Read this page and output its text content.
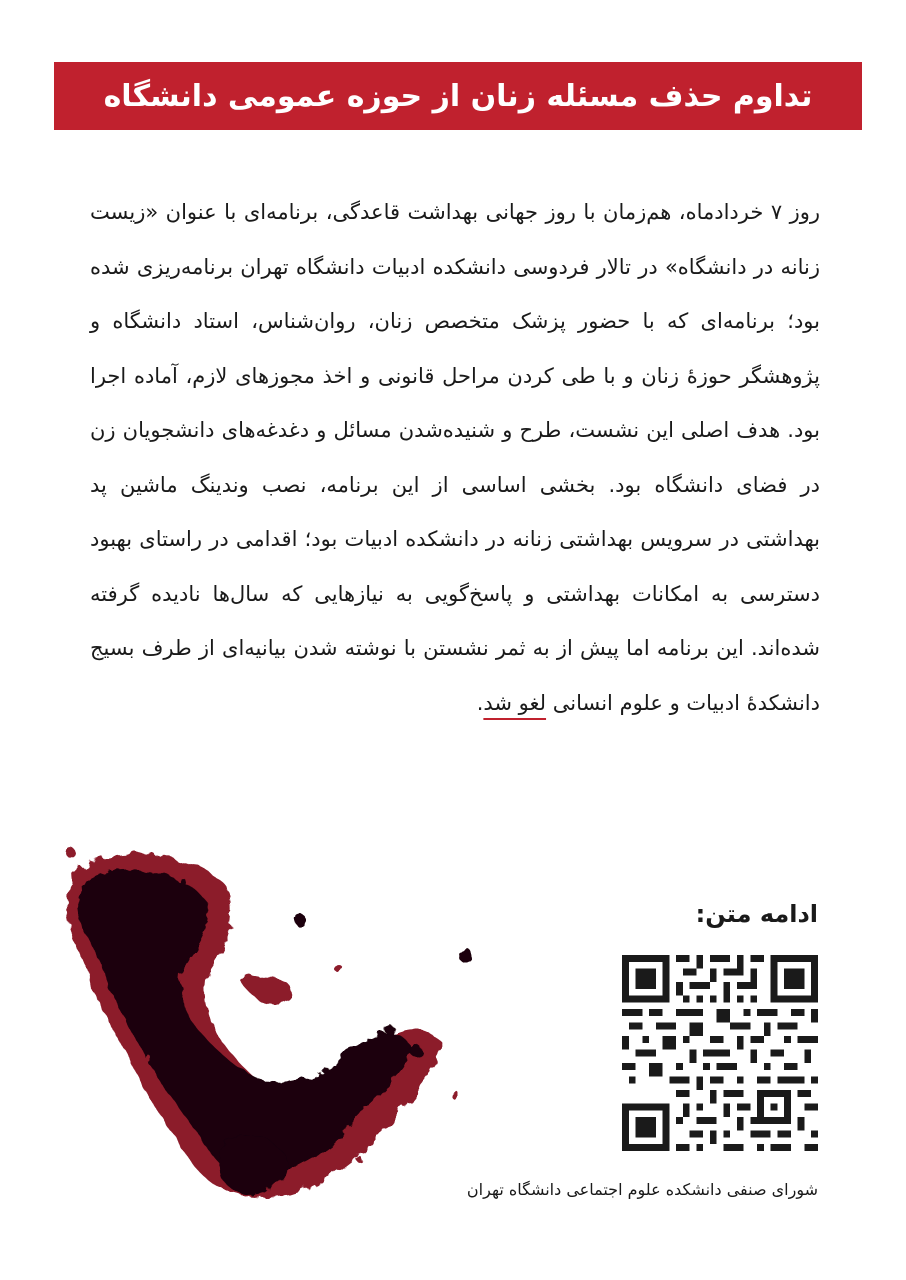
تداوم حذف مسئله زنان از حوزه عمومی دانشگاه
روز ۷ خردادماه، هم‌زمان با روز جهانی بهداشت قاعدگی، برنامه‌ای با عنوان «زیست زنانه در دانشگاه» در تالار فردوسی دانشکده ادبیات دانشگاه تهران برنامه‌ریزی شده بود؛ برنامه‌ای که با حضور پزشک متخصص زنان، روان‌شناس، استاد دانشگاه و پژوهشگر حوزهٔ زنان و با طی کردن مراحل قانونی و اخذ مجوزهای لازم، آماده اجرا بود. هدف اصلی این نشست، طرح و شنیده‌شدن مسائل و دغدغه‌های دانشجویان زن در فضای دانشگاه بود. بخشی اساسی از این برنامه، نصب وندینگ ماشین پد بهداشتی در سرویس بهداشتی زنانه در دانشکده ادبیات بود؛ اقدامی در راستای بهبود دسترسی به امکانات بهداشتی و پاسخ‌گویی به نیازهایی که سال‌ها نادیده گرفته شده‌اند. این برنامه اما پیش از به ثمر نشستن با نوشته شدن بیانیه‌ای از طرف بسیج دانشکدهٔ ادبیات و علوم انسانی لغو شد.
ادامه متن:
شورای صنفی دانشکده علوم اجتماعی دانشگاه تهران
